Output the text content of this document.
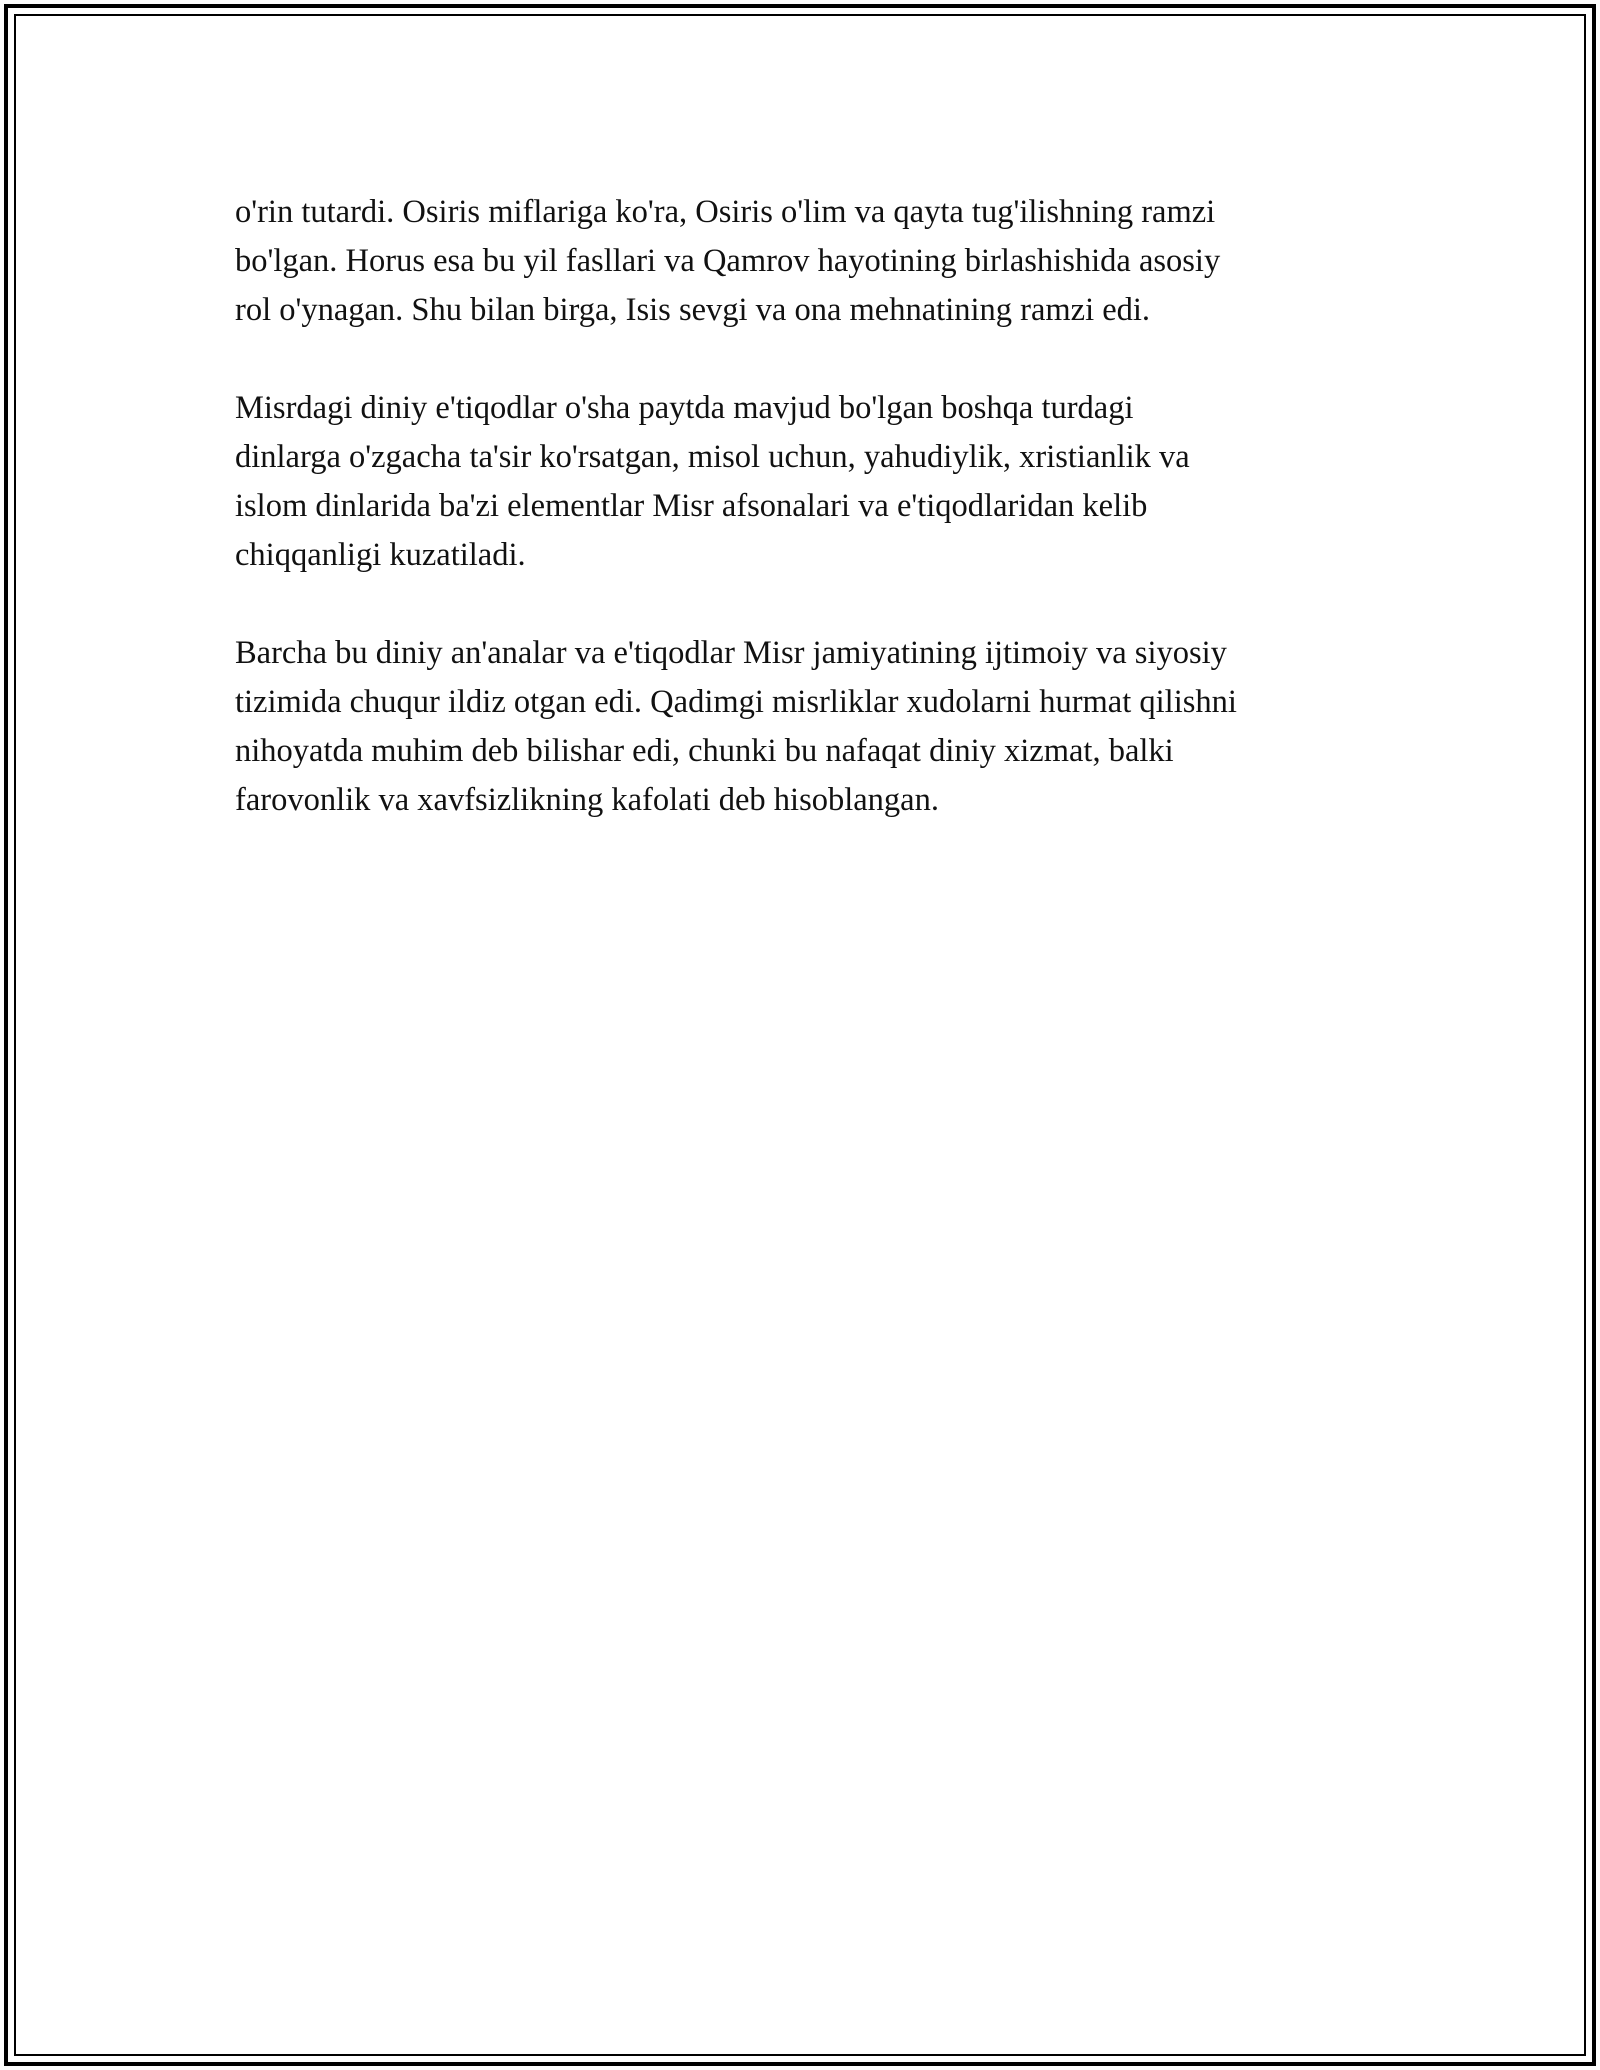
o'rin tutardi. Osiris miflariga ko'ra, Osiris o'lim va qayta tug'ilishning ramzi
bo'lgan. Horus esa bu yil fasllari va Qamrov hayotining birlashishida asosiy
rol o'ynagan. Shu bilan birga, Isis sevgi va ona mehnatining ramzi edi.

Misrdagi diniy e'tiqodlar o'sha paytda mavjud bo'lgan boshqa turdagi
dinlarga o'zgacha ta'sir ko'rsatgan, misol uchun, yahudiylik, xristianlik va
islom dinlarida ba'zi elementlar Misr afsonalari va e'tiqodlaridan kelib
chiqqanligi kuzatiladi.

Barcha bu diniy an'analar va e'tiqodlar Misr jamiyatining ijtimoiy va siyosiy
tizimida chuqur ildiz otgan edi. Qadimgi misrliklar xudolarni hurmat qilishni
nihoyatda muhim deb bilishar edi, chunki bu nafaqat diniy xizmat, balki
farovonlik va xavfsizlikning kafolati deb hisoblangan.
